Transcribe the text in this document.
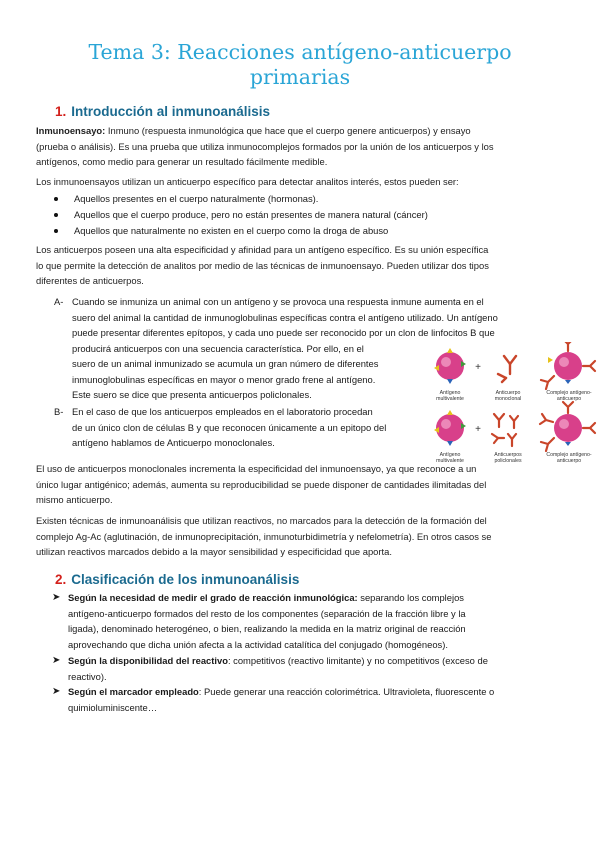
Tema 3: Reacciones antígeno-anticuerpo
primarias
1. Introducción al inmunoanálisis
Inmunoensayo: Inmuno (respuesta inmunológica que hace que el cuerpo genere anticuerpos) y ensayo
(prueba o análisis). Es una prueba que utiliza inmunocomplejos formados por la unión de los anticuerpos y los
antígenos, como medio para generar un resultado fácilmente medible.
Los inmunoensayos utilizan un anticuerpo específico para detectar analitos interés, estos pueden ser:
Aquellos presentes en el cuerpo naturalmente (hormonas).
Aquellos que el cuerpo produce, pero no están presentes de manera natural (cáncer)
Aquellos que naturalmente no existen en el cuerpo como la droga de abuso
Los anticuerpos poseen una alta especificidad y afinidad para un antígeno específico. Es su unión específica
lo que permite la detección de analitos por medio de las técnicas de inmunoensayo. Pueden utilizar dos tipos
diferentes de anticuerpos.
A- Cuando se inmuniza un animal con un antígeno y se provoca una respuesta inmune aumenta en el
suero del animal la cantidad de inmunoglobulinas específicas contra el antígeno utilizado. Un antígeno
puede presentar diferentes epítopos, y cada uno puede ser reconocido por un clon de linfocitos B que
producirá anticuerpos con una secuencia característica. Por ello, en el
suero de un animal inmunizado se acumula un gran número de diferentes
inmunoglobulinas específicas en mayor o menor grado frene al antígeno.
Este suero se dice que presenta anticuerpos policlonales.
B- En el caso de que los anticuerpos empleados en el laboratorio procedan
de un único clon de células B y que reconocen únicamente a un epitopo del
antígeno hablamos de Anticuerpo monoclonales.
+
+
Antígeno multivalente
Anticuerpo monoclonal
Complejo antígeno-anticuerpo
Antígeno multivalente
Anticuerpos policlonales
Complejo antígeno-anticuerpo
El uso de anticuerpos monoclonales incrementa la especificidad del inmunoensayo, ya que reconoce a un
único lugar antigénico; además, aumenta su reproducibilidad se puede disponer de cantidades ilimitadas del
mismo anticuerpo.
Existen técnicas de inmunoanálisis que utilizan reactivos, no marcados para la detección de la formación del
complejo Ag-Ac (aglutinación, de inmunoprecipitación, inmunoturbidimetría y nefelometría). En otros casos se
utilizan reactivos marcados debido a la mayor sensibilidad y especificidad que aporta.
2. Clasificación de los inmunoanálisis
➤ Según la necesidad de medir el grado de reacción inmunológica: separando los complejos
antígeno-anticuerpo formados del resto de los componentes (separación de la fracción libre y la
ligada), denominado heterogéneo, o bien, realizando la medida en la matriz original de reacción
aprovechando que dicha unión afecta a la actividad catalítica del conjugado (homogéneos).
➤ Según la disponibilidad del reactivo: competitivos (reactivo limitante) y no competitivos (exceso de
reactivo).
➤ Según el marcador empleado: Puede generar una reacción colorimétrica. Ultravioleta, fluorescente o
quimioluminiscente…
